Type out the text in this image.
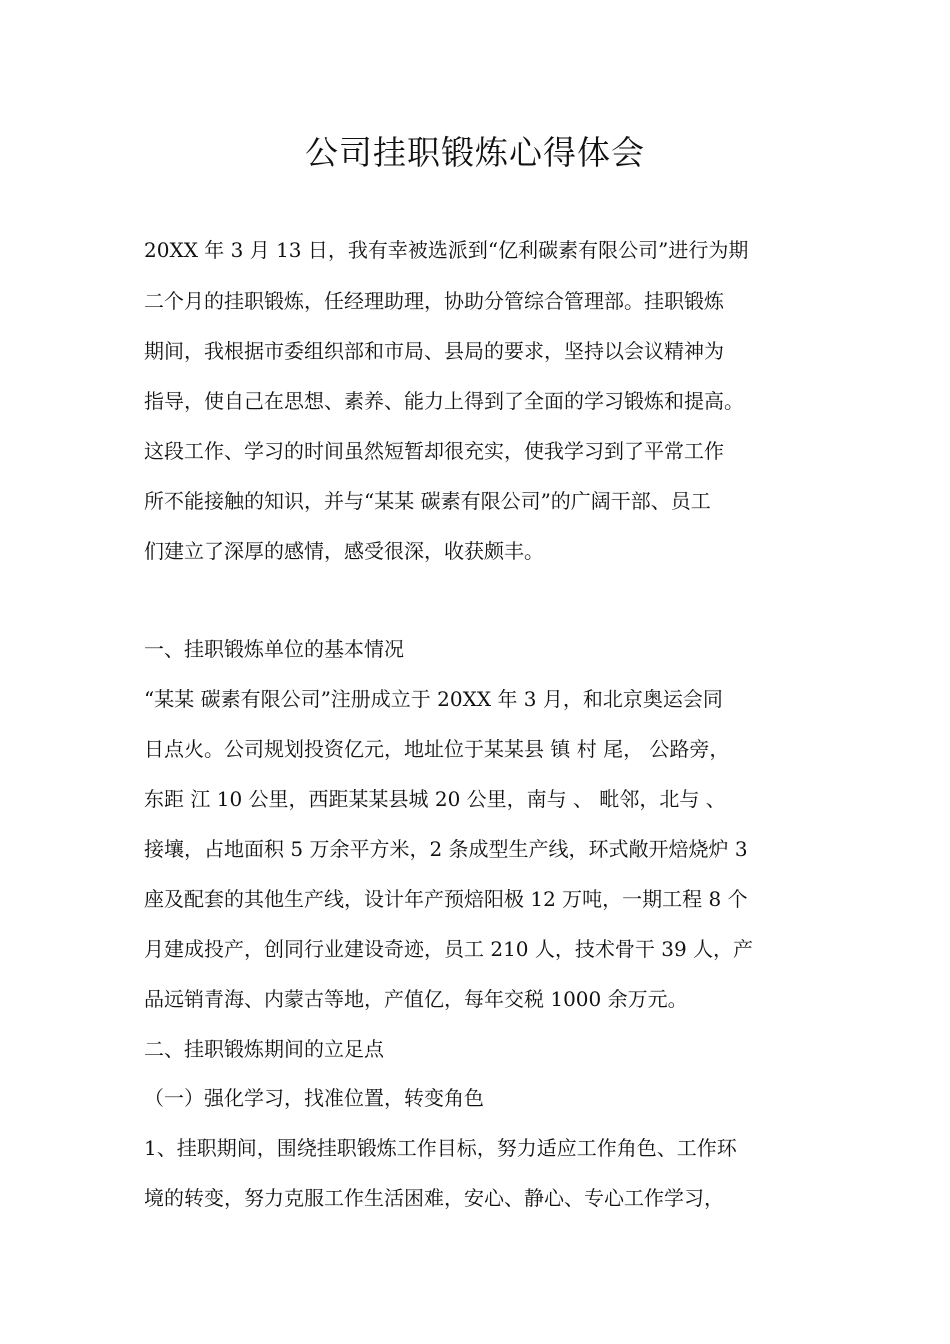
公司挂职锻炼心得体会
20XX 年 3 月 13 日，我有幸被选派到“亿利碳素有限公司”进行为期
二个月的挂职锻炼，任经理助理，协助分管综合管理部。挂职锻炼
期间，我根据市委组织部和市局、县局的要求，坚持以会议精神为
指导，使自己在思想、素养、能力上得到了全面的学习锻炼和提高。
这段工作、学习的时间虽然短暂却很充实，使我学习到了平常工作
所不能接触的知识，并与“某某 碳素有限公司”的广阔干部、员工
们建立了深厚的感情，感受很深，收获颇丰。
一、挂职锻炼单位的基本情况
“某某 碳素有限公司”注册成立于 20XX 年 3 月，和北京奥运会同
日点火。公司规划投资亿元，地址位于某某县 镇 村 尾， 公路旁，
东距 江 10 公里，西距某某县城 20 公里，南与 、 毗邻，北与 、
接壤，占地面积 5 万余平方米，2 条成型生产线，环式敞开焙烧炉 3
座及配套的其他生产线，设计年产预焙阳极 12 万吨，一期工程 8 个
月建成投产，创同行业建设奇迹，员工 210 人，技术骨干 39 人，产
品远销青海、内蒙古等地，产值亿，每年交税 1000 余万元。
二、挂职锻炼期间的立足点
（一）强化学习，找准位置，转变角色
1、挂职期间，围绕挂职锻炼工作目标，努力适应工作角色、工作环
境的转变，努力克服工作生活困难，安心、静心、专心工作学习，
